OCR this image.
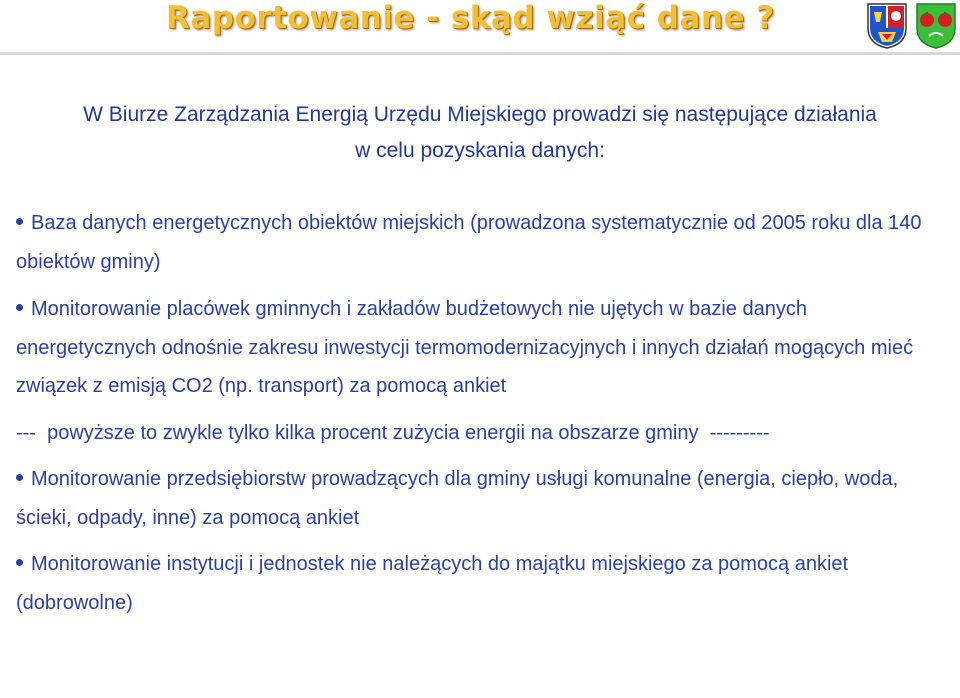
Raportowanie - skąd wziąć dane ?
W Biurze Zarządzania Energią Urzędu Miejskiego prowadzi się następujące działania
w celu pozyskania danych:

Baza danych energetycznych obiektów miejskich (prowadzona systematycznie od 2005 roku dla 140 obiektów gminy)

Monitorowanie placówek gminnych i zakładów budżetowych nie ujętych w bazie danych energetycznych odnośnie zakresu inwestycji termomodernizacyjnych i innych działań mogących mieć związek z emisją CO2 (np. transport) za pomocą ankiet

---  powyższe to zwykle tylko kilka procent zużycia energii na obszarze gminy  ---------

Monitorowanie przedsiębiorstw prowadzących dla gminy usługi komunalne (energia, ciepło, woda, ścieki, odpady, inne) za pomocą ankiet

Monitorowanie instytucji i jednostek nie należących do majątku miejskiego za pomocą ankiet (dobrowolne)
